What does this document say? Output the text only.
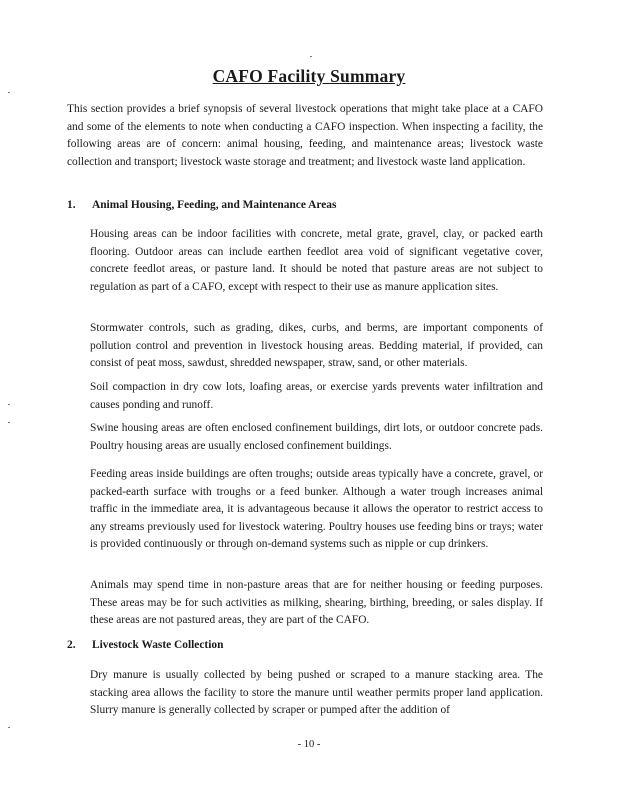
CAFO Facility Summary

This section provides a brief synopsis of several livestock operations that might take place at a CAFO and some of the elements to note when conducting a CAFO inspection. When inspecting a facility, the following areas are of concern: animal housing, feeding, and maintenance areas; livestock waste collection and transport; livestock waste storage and treatment; and livestock waste land application.

1. Animal Housing, Feeding, and Maintenance Areas

Housing areas can be indoor facilities with concrete, metal grate, gravel, clay, or packed earth flooring. Outdoor areas can include earthen feedlot area void of significant vegetative cover, concrete feedlot areas, or pasture land. It should be noted that pasture areas are not subject to regulation as part of a CAFO, except with respect to their use as manure application sites.

Stormwater controls, such as grading, dikes, curbs, and berms, are important components of pollution control and prevention in livestock housing areas. Bedding material, if provided, can consist of peat moss, sawdust, shredded newspaper, straw, sand, or other materials.

Soil compaction in dry cow lots, loafing areas, or exercise yards prevents water infiltration and causes ponding and runoff.

Swine housing areas are often enclosed confinement buildings, dirt lots, or outdoor concrete pads. Poultry housing areas are usually enclosed confinement buildings.

Feeding areas inside buildings are often troughs; outside areas typically have a concrete, gravel, or packed-earth surface with troughs or a feed bunker. Although a water trough increases animal traffic in the immediate area, it is advantageous because it allows the operator to restrict access to any streams previously used for livestock watering. Poultry houses use feeding bins or trays; water is provided continuously or through on-demand systems such as nipple or cup drinkers.

Animals may spend time in non-pasture areas that are for neither housing or feeding purposes. These areas may be for such activities as milking, shearing, birthing, breeding, or sales display. If these areas are not pastured areas, they are part of the CAFO.

2. Livestock Waste Collection

Dry manure is usually collected by being pushed or scraped to a manure stacking area. The stacking area allows the facility to store the manure until weather permits proper land application. Slurry manure is generally collected by scraper or pumped after the addition of

- 10 -
